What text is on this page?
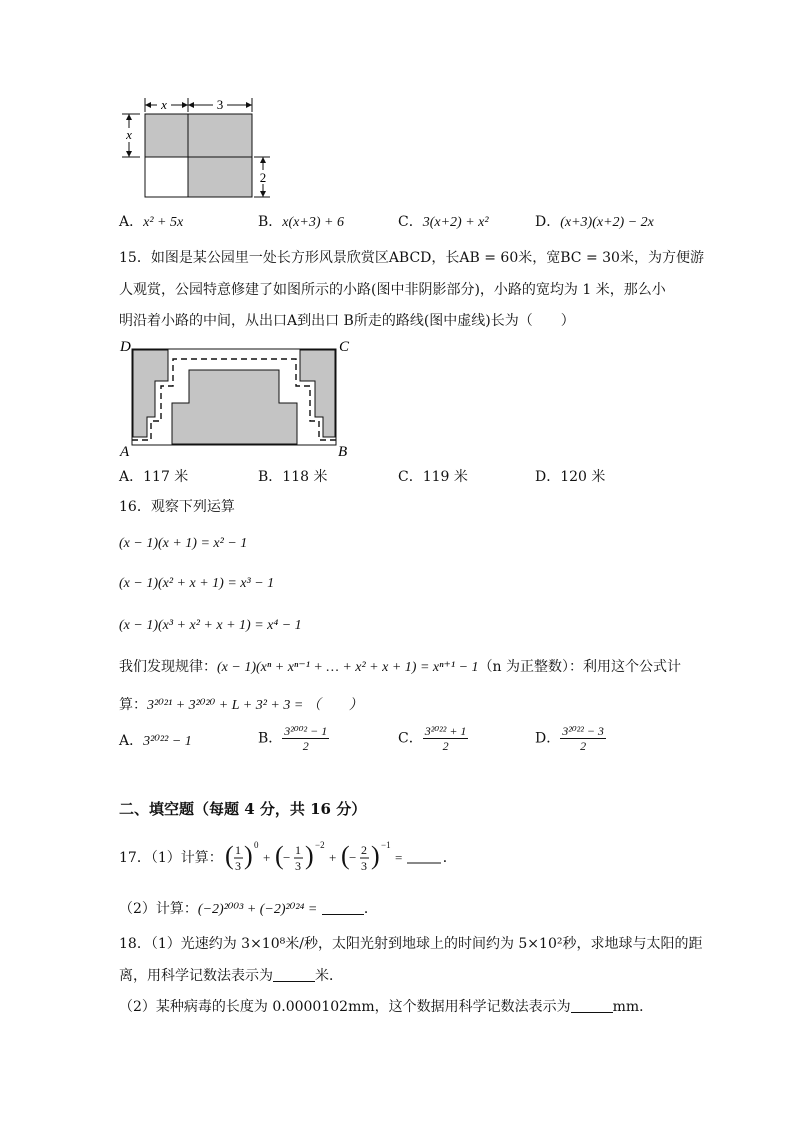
x	3
x
2
A．x² + 5x	B．x(x+3) + 6	C．3(x+2) + x²	D．(x+3)(x+2) − 2x
15．如图是某公园里一处长方形风景欣赏区ABCD，长AB = 60米，宽BC = 30米，为方便游
人观赏，公园特意修建了如图所示的小路(图中非阴影部分)，小路的宽均为 1 米，那么小
明沿着小路的中间，从出口A到出口 B所走的路线(图中虚线)长为（　　）
D	C
A	B
A．117 米	B．118 米	C．119 米	D．120 米
16．观察下列运算
(x − 1)(x + 1) = x² − 1
(x − 1)(x² + x + 1) = x³ − 1
(x − 1)(x³ + x² + x + 1) = x⁴ − 1
我们发现规律：(x − 1)(xⁿ + xⁿ⁻¹ + … + x² + x + 1) = xⁿ⁺¹ − 1（n 为正整数）：利用这个公式计
算：3²⁰²¹ + 3²⁰²⁰ + L + 3² + 3 = （　　）
A．3²⁰²² − 1	B． $\frac{\text{3²⁰⁰² − 1}}{2}$	C． $\frac{\text{3²⁰²² + 1}}{2}$	D． $\frac{\text{3²⁰²² − 3}}{2}$
二、填空题（每题 4 分，共 16 分）
17．（1）计算： ( 1
3 ) 0
+ ( − 1
3 ) −2
+ ( − 2
3 ) −1
=	．
（2）计算：(−2)²⁰⁰³ + (−2)²⁰²⁴ =	．
18．（1）光速约为 3×10⁸米/秒，太阳光射到地球上的时间约为 5×10²秒，求地球与太阳的距
离，用科学记数法表示为	米．
（2）某种病毒的长度为 0.0000102mm，这个数据用科学记数法表示为	mm．
